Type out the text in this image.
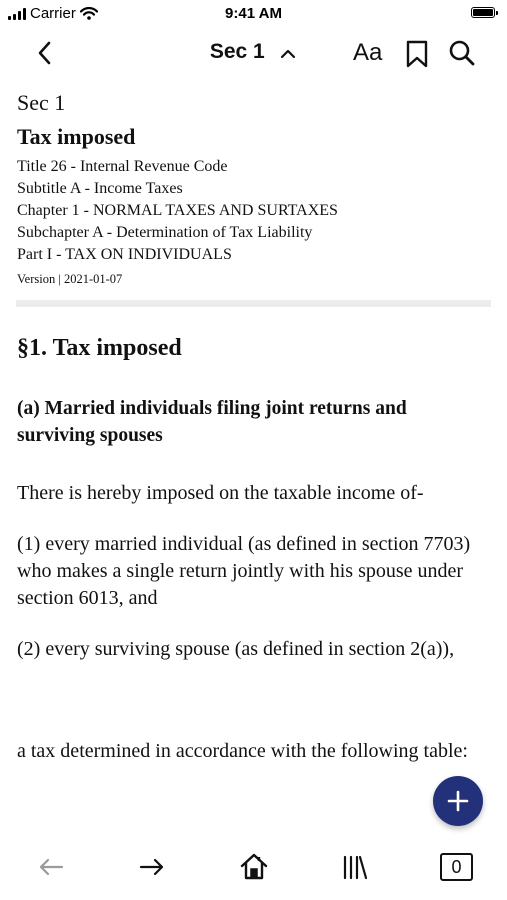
Carrier	9:41 AM
Sec 1	Aa
Sec 1
Tax imposed
Title 26 - Internal Revenue Code
Subtitle A - Income Taxes
Chapter 1 - NORMAL TAXES AND SURTAXES
Subchapter A - Determination of Tax Liability
Part I - TAX ON INDIVIDUALS
Version | 2021-01-07
§1. Tax imposed
(a) Married individuals filing joint returns and surviving spouses
There is hereby imposed on the taxable income of-
(1) every married individual (as defined in section 7703) who makes a single return jointly with his spouse under section 6013, and
(2) every surviving spouse (as defined in section 2(a)),
a tax determined in accordance with the following table:
0
